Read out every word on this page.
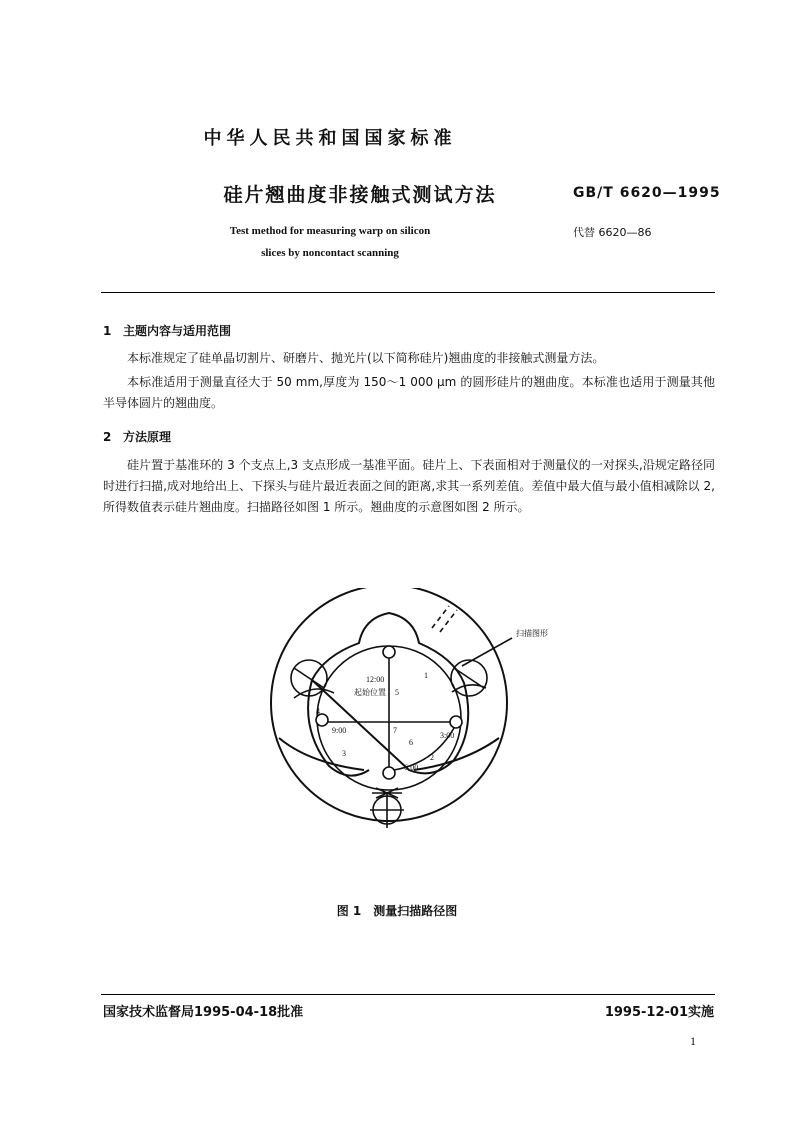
中华人民共和国国家标准
硅片翘曲度非接触式测试方法	GB/T 6620—1995
Test method for measuring warp on silicon
slices by noncontact scanning
代替 6620—86
1 主题内容与适用范围
本标准规定了硅单晶切割片、研磨片、抛光片(以下简称硅片)翘曲度的非接触式测量方法。
本标准适用于测量直径大于 50 mm,厚度为 150～1 000 μm 的圆形硅片的翘曲度。本标准也适用于测量其他半导体圆片的翘曲度。
2 方法原理
硅片置于基准环的 3 个支点上,3 支点形成一基准平面。硅片上、下表面相对于测量仪的一对探头,沿规定路径同时进行扫描,成对地给出上、下探头与硅片最近表面之间的距离,求其一系列差值。差值中最大值与最小值相减除以 2,所得数值表示硅片翘曲度。扫描路径如图 1 所示。翘曲度的示意图如图 2 所示。
扫描图形
12:00
起始位置 5
1
4
9:00	7
3:00
6
3	2
6:00
图 1　测量扫描路径图
国家技术监督局1995-04-18批准	1995-12-01实施
1
